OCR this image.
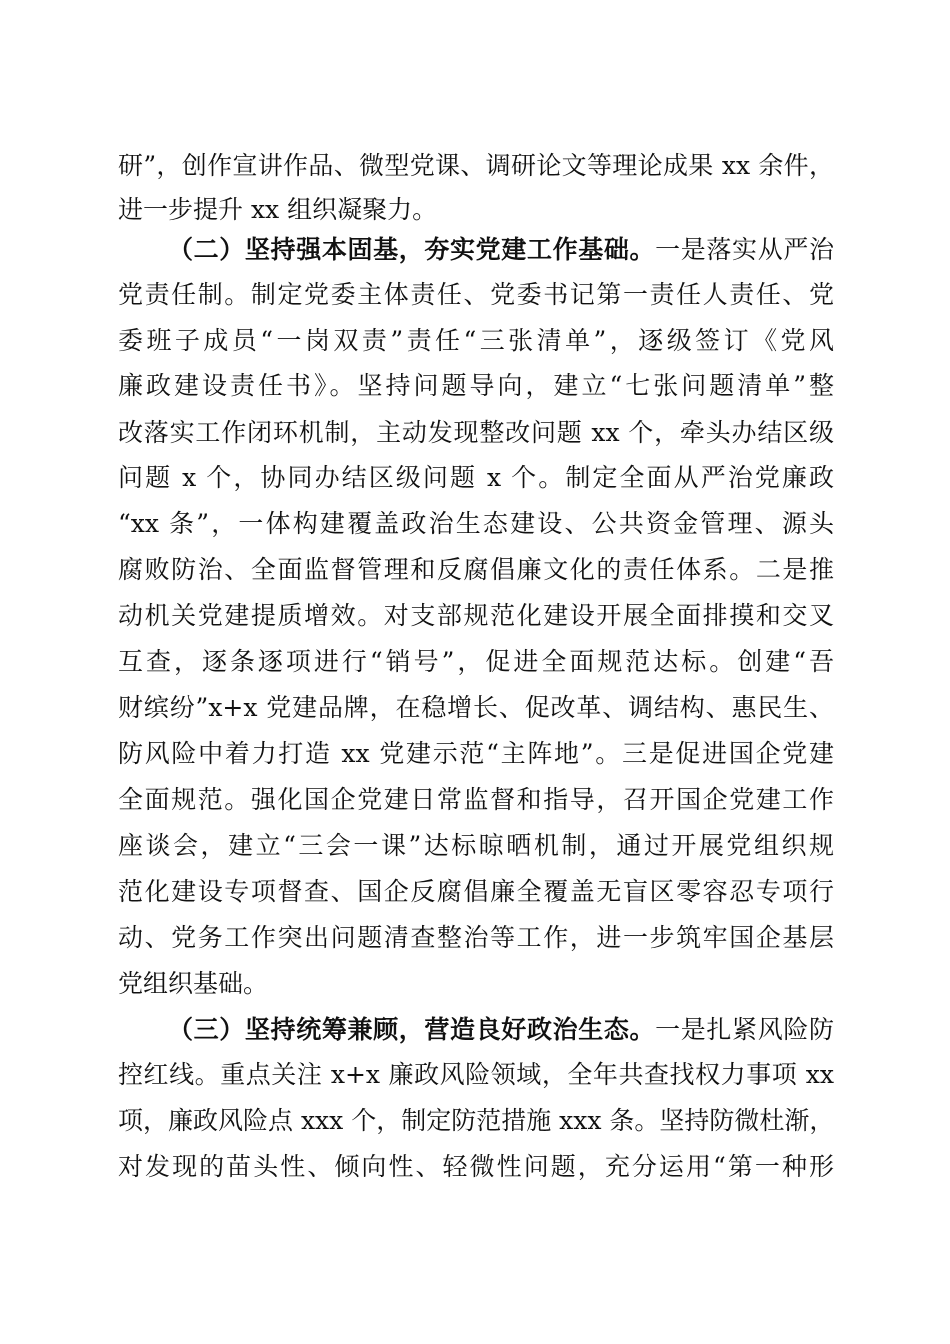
研”，创作宣讲作品、微型党课、调研论文等理论成果 xx 余件，
进一步提升 xx 组织凝聚力。
（二）坚持强本固基，夯实党建工作基础。一是落实从严治
党责任制。制定党委主体责任、党委书记第一责任人责任、党
委班子成员“一岗双责”责任“三张清单”，逐级签订《党风
廉政建设责任书》。坚持问题导向，建立“七张问题清单”整
改落实工作闭环机制，主动发现整改问题 xx 个，牵头办结区级
问题 x 个，协同办结区级问题 x 个。制定全面从严治党廉政
“xx 条”，一体构建覆盖政治生态建设、公共资金管理、源头
腐败防治、全面监督管理和反腐倡廉文化的责任体系。二是推
动机关党建提质增效。对支部规范化建设开展全面排摸和交叉
互查，逐条逐项进行“销号”，促进全面规范达标。创建“吾
财缤纷”x+x 党建品牌，在稳增长、促改革、调结构、惠民生、
防风险中着力打造 xx 党建示范“主阵地”。三是促进国企党建
全面规范。强化国企党建日常监督和指导，召开国企党建工作
座谈会，建立“三会一课”达标晾晒机制，通过开展党组织规
范化建设专项督查、国企反腐倡廉全覆盖无盲区零容忍专项行
动、党务工作突出问题清查整治等工作，进一步筑牢国企基层
党组织基础。
（三）坚持统筹兼顾，营造良好政治生态。一是扎紧风险防
控红线。重点关注 x+x 廉政风险领域，全年共查找权力事项 xx
项，廉政风险点 xxx 个，制定防范措施 xxx 条。坚持防微杜渐，
对发现的苗头性、倾向性、轻微性问题，充分运用“第一种形
